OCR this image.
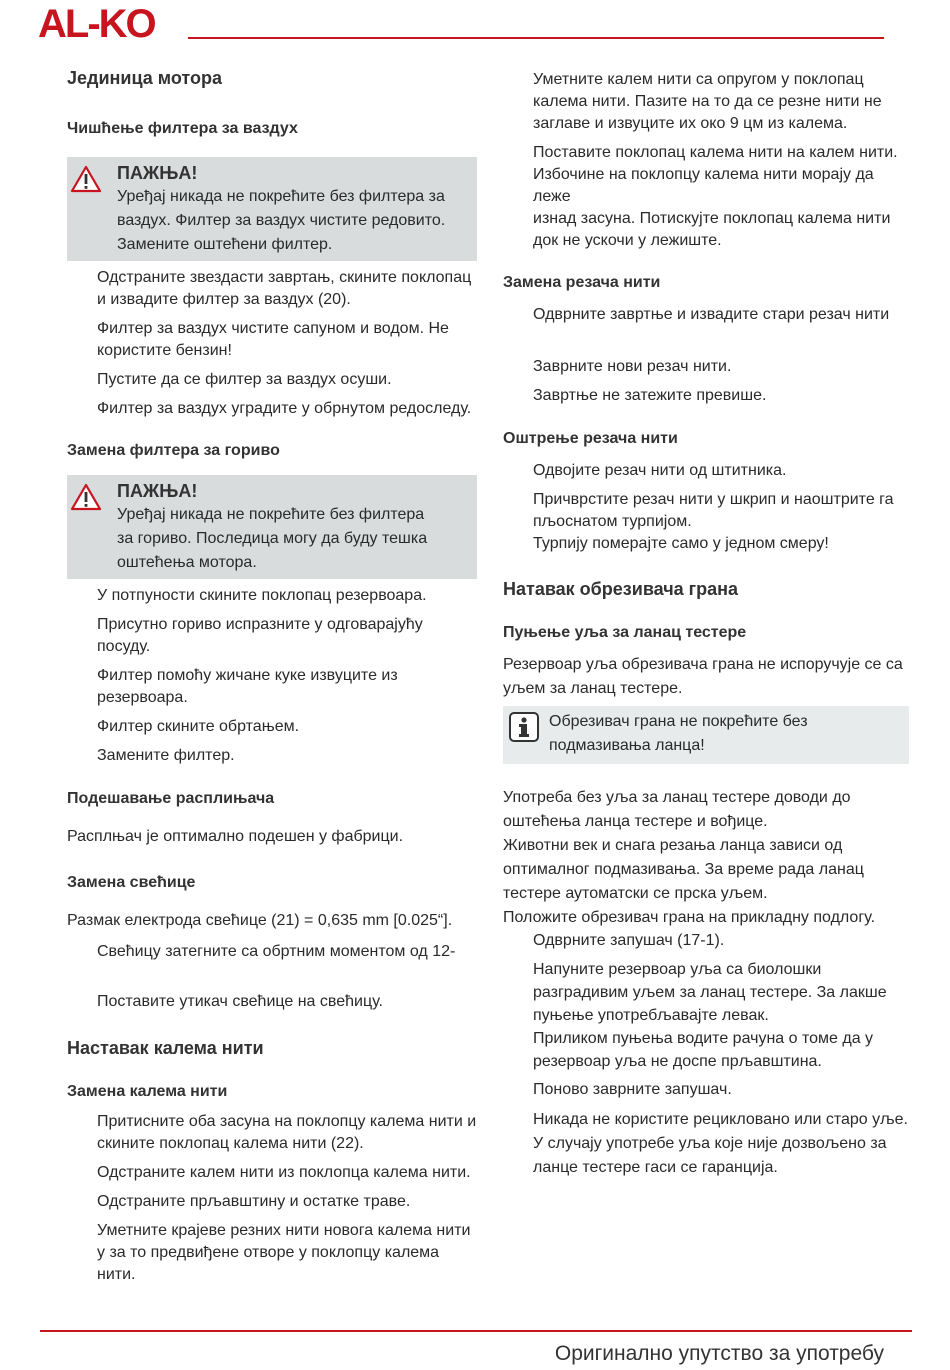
AL-KO
Јединица мотора
Чишћење филтера за ваздух
ПАЖЊА!
Уређај никада не покрећите без филтера за
ваздух. Филтер за ваздух чистите редовито.
Замените оштећени филтер.
Одстраните звездасти завртањ, скините поклопац
и извадите филтер за ваздух (20).
Филтер за ваздух чистите сапуном и водом. Не
користите бензин!
Пустите да се филтер за ваздух осуши.
Филтер за ваздух уградите у обрнутом редоследу.
Замена филтера за гориво
ПАЖЊА!
Уређај никада не покрећите без филтера
за гориво. Последица могу да буду тешка
оштећења мотора.
У потпуности скините поклопац резервоара.
Присутно гориво испразните у одговарајућу
посуду.
Филтер помоћу жичане куке извуците из
резервоара.
Филтер скините обртањем.
Замените филтер.
Подешавање расплињача
Расплњач је оптимално подешен у фабрици.
Замена свећице
Размак електрода свећице (21) = 0,635 mm [0.025“].
Свећицу затегните са обртним моментом од 12-
Поставите утикач свећице на свећицу.
Наставак калема нити
Замена калема нити
Притисните оба засуна на поклопцу калема нити и
скините поклопац калема нити (22).
Одстраните калем нити из поклопца калема нити.
Одстраните прљавштину и остатке траве.
Уметните крајеве резних нити новога калема нити
у за то предвиђене отворе у поклопцу калема
нити.
Уметните калем нити са опругом у поклопац
калема нити. Пазите на то да се резне нити не
заглаве и извуците их око 9 цм из калема.
Поставите поклопац калема нити на калем нити.
Избочине на поклопцу калема нити морају да леже
изнад засуна. Потискујте поклопац калема нити
док не ускочи у лежиште.
Замена резача нити
Одврните завртње и извадите стари резач нити
Заврните нови резач нити.
Завртње не затежите превише.
Оштрење резача нити
Одвојите резач нити од штитника.
Причврстите резач нити у шкрип и наоштрите га
пљоснатом турпијом.
Турпију померајте само у једном смеру!
Натавак обрезивача грана
Пуњење уља за ланац тестере
Резервоар уља обрезивача грана не испоручује се са
уљем за ланац тестере.
Обрезивач грана не покрећите без
подмазивања ланца!
Употреба без уља за ланац тестере доводи до
оштећења ланца тестере и вођице.
Животни век и снага резања ланца зависи од
оптималног подмазивања. За време рада ланац
тестере аутоматски се прска уљем.
Положите обрезивач грана на прикладну подлогу.
Одврните запушач (17-1).
Напуните резервоар уља са биолошки
разградивим уљем за ланац тестере. За лакше
пуњење употребљавајте левак.
Приликом пуњења водите рачуна о томе да у
резервоар уља не доспе прљавштина.
Поново заврните запушач.
Никада не користите рецикловано или старо уље.
У случају употребе уља које није дозвољено за
ланце тестере гаси се гаранција.
Оригинално упутство за употребу
